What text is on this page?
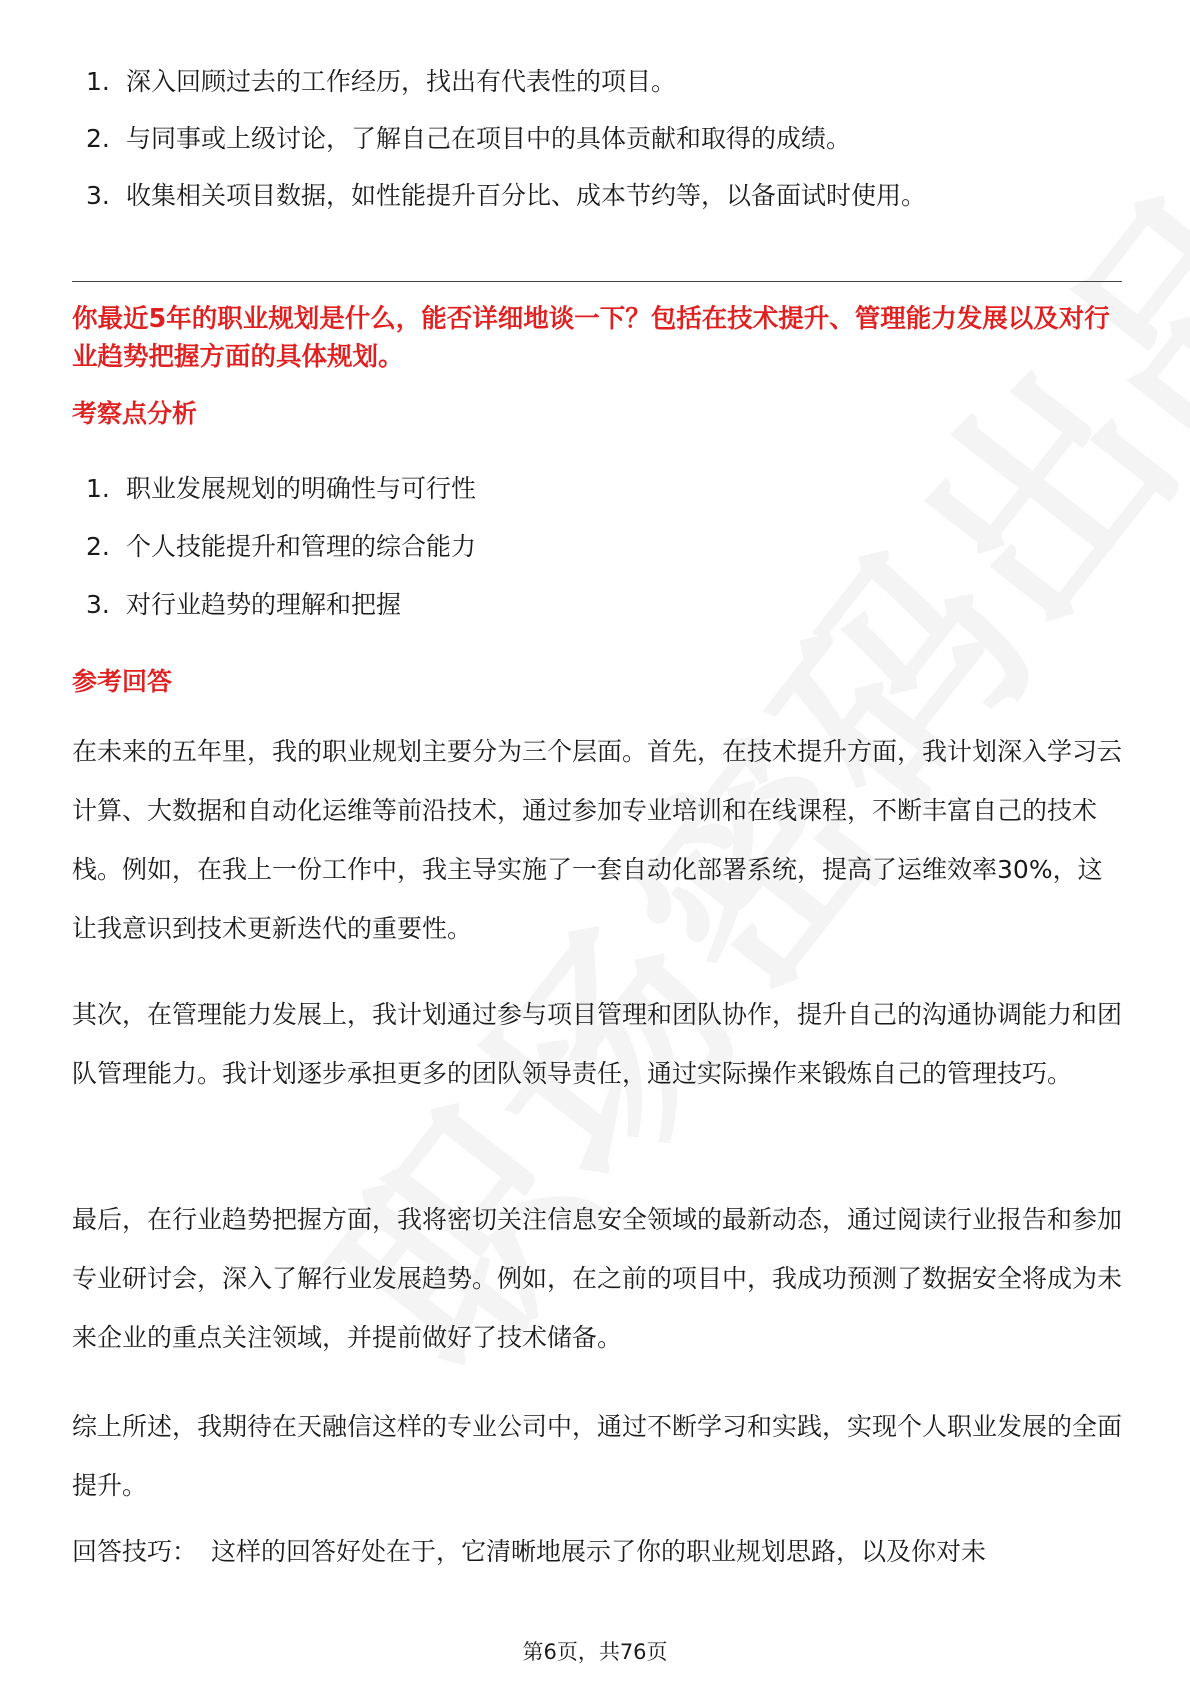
1. 深入回顾过去的工作经历，找出有代表性的项目。
2. 与同事或上级讨论，了解自己在项目中的具体贡献和取得的成绩。
3. 收集相关项目数据，如性能提升百分比、成本节约等，以备面试时使用。
你最近5年的职业规划是什么，能否详细地谈一下？包括在技术提升、管理能力发展以及对行业趋势把握方面的具体规划。
考察点分析
1. 职业发展规划的明确性与可行性
2. 个人技能提升和管理的综合能力
3. 对行业趋势的理解和把握
参考回答

在未来的五年里，我的职业规划主要分为三个层面。首先，在技术提升方面，我计划深入学习云计算、大数据和自动化运维等前沿技术，通过参加专业培训和在线课程，不断丰富自己的技术栈。例如，在我上一份工作中，我主导实施了一套自动化部署系统，提高了运维效率30%，这让我意识到技术更新迭代的重要性。

其次，在管理能力发展上，我计划通过参与项目管理和团队协作，提升自己的沟通协调能力和团队管理能力。我计划逐步承担更多的团队领导责任，通过实际操作来锻炼自己的管理技巧。

最后，在行业趋势把握方面，我将密切关注信息安全领域的最新动态，通过阅读行业报告和参加专业研讨会，深入了解行业发展趋势。例如，在之前的项目中，我成功预测了数据安全将成为未来企业的重点关注领域，并提前做好了技术储备。

综上所述，我期待在天融信这样的专业公司中，通过不断学习和实践，实现个人职业发展的全面提升。

回答技巧： 这样的回答好处在于，它清晰地展示了你的职业规划思路，以及你对未
第6页，共76页
